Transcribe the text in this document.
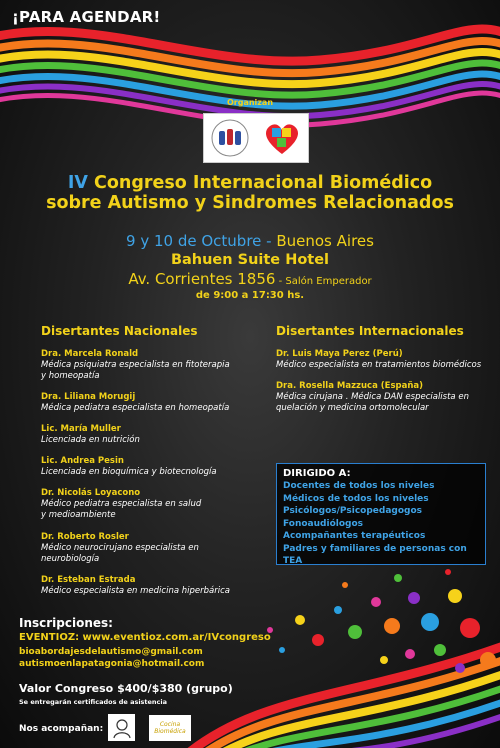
¡PARA AGENDAR!
Organizan
IV Congreso Internacional Biomédico
sobre Autismo y Sindromes Relacionados
9 y 10 de Octubre - Buenos Aires
Bahuen Suite Hotel
Av. Corrientes 1856 - Salón Emperador
de 9:00 a 17:30 hs.
Disertantes Nacionales
Dra. Marcela Ronald
Médica psiquiatra especialista en fitoterapia
y homeopatía
Dra. Liliana Morugij
Médica pediatra especialista en homeopatía
Lic. María Muller
Licenciada en nutrición
Lic. Andrea Pesin
Licenciada en bioquímica y biotecnología
Dr. Nicolás Loyacono
Médico pediatra especialista en salud
y medioambiente
Dr. Roberto Rosler
Médico neurocirujano especialista en
neurobiología
Dr. Esteban Estrada
Médico especialista en medicina hiperbárica
Disertantes Internacionales
Dr. Luis Maya Perez (Perú)
Médico especialista en tratamientos biomédicos
Dra. Rosella Mazzuca (España)
Médica cirujana . Médica DAN especialista en
quelación y medicina ortomolecular
DIRIGIDO A:
Docentes de todos los niveles
Médicos de todos los niveles
Psicólogos/Psicopedagogos
Fonoaudiólogos
Acompañantes terapéuticos
Padres y familiares de personas con TEA
Inscripciones:
EVENTIOZ: www.eventioz.com.ar/IVcongreso
bioabordajesdelautismo@gmail.com
autismoenlapatagonia@hotmail.com
Valor Congreso $400/$380 (grupo)
Se entregarán certificados de asistencia
Nos acompañan:	Cocina Biomédica
